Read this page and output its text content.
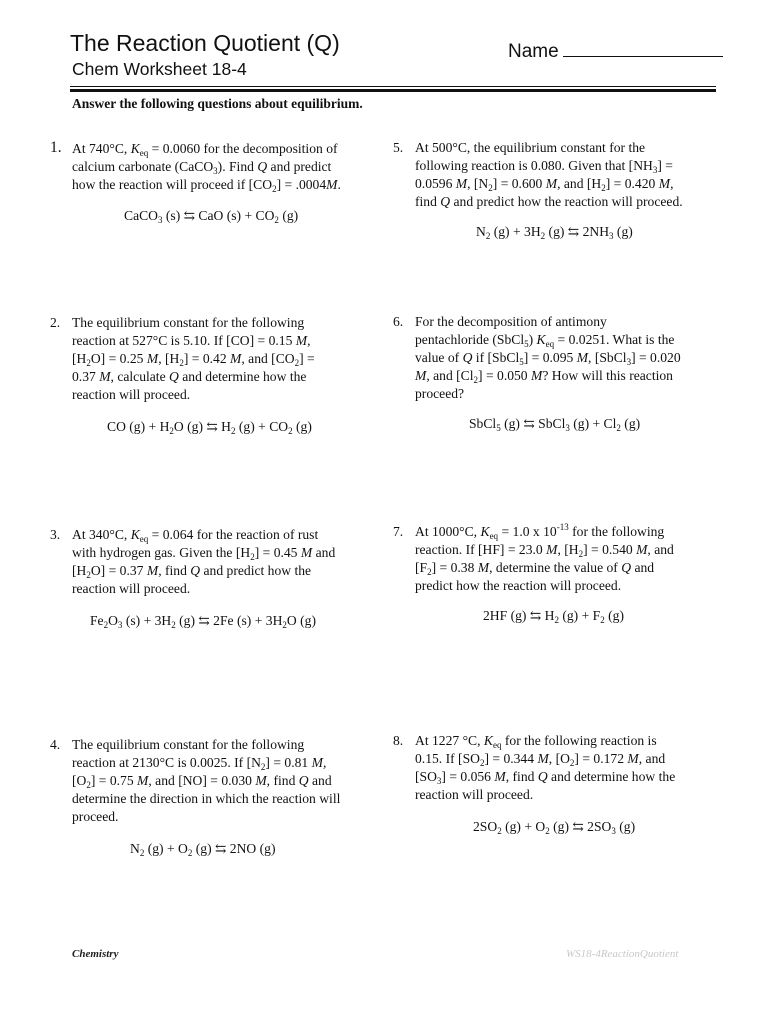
The Reaction Quotient (Q)
Chem Worksheet 18-4
Name
Answer the following questions about equilibrium.
1. At 740°C, $K_{eq} = 0.0060$ for the decomposition of
calcium carbonate (CaCO$_3$). Find Q and predict
how the reaction will proceed if $[CO_2] = .0004M$.
CaCO$_3$ (s) ⇆ CaO $(s) + CO_2$ (g)
2. The equilibrium constant for the following
reaction at 527°C is 5.10. If [CO] = 0.15 M,
$[H_2O] = 0.25$ M, $[H_2] = 0.42$ M, and $[CO_2]$ =
0.37 M, calculate Q and determine how the
reaction will proceed.
CO $(g) + H_2O$ (g) ⇆ $H_2$ $(g) + CO_2$ (g)
3. At 340°C, $K_{eq} = 0.064$ for the reaction of rust
with hydrogen gas. Given the $[H_2] = 0.45$ M and
$[H_2O] = 0.37$ M, find Q and predict how the
reaction will proceed.
$Fe_2O_3$ $(s) + 3H_2$ (g) ⇆ 2Fe $(s) + 3H_2O$ (g)
4. The equilibrium constant for the following
reaction at 2130°C is 0.0025. If $[N_2] = 0.81$ M,
$[O_2] = 0.75$ M, and [NO] = 0.030 M, find Q and
determine the direction in which the reaction will
proceed.
$N_2$ $(g) + O_2$ (g) ⇆ 2NO (g)
5. At 500°C, the equilibrium constant for the
following reaction is 0.080. Given that $[NH_3]$ =
0.0596 M, $[N_2] = 0.600$ M, and $[H_2] = 0.420$ M,
find Q and predict how the reaction will proceed.
$N_2$ $(g) + 3H_2$ (g) ⇆ $2NH_3$ (g)
6. For the decomposition of antimony
pentachloride (SbCl$_5$) $K_{eq} = 0.0251$. What is the
value of Q if [SbCl$_5$] = 0.095 M, [SbCl$_3$] = 0.020
M, and $[Cl_2] = 0.050$ M? How will this reaction
proceed?
SbCl$_5$ (g) ⇆ SbCl$_3$ $(g) + Cl_2$ (g)
7. At 1000°C, $K_{eq} = 1.0$ x $10^{-13}$ for the following
reaction. If [HF] = 23.0 M, $[H_2] = 0.540$ M, and
$[F_2] = 0.38$ M, determine the value of Q and
predict how the reaction will proceed.
2HF (g) ⇆ $H_2$ $(g) + F_2$ (g)
8. At 1227 °C, $K_{eq}$ for the following reaction is
0.15. If $[SO_2] = 0.344$ M, $[O_2] = 0.172$ M, and
$[SO_3] = 0.056$ M, find Q and determine how the
reaction will proceed.
$2SO_2$ $(g) + O_2$ (g) ⇆ $2SO_3$ (g)
Chemistry	WS18-4ReactionQuotient
